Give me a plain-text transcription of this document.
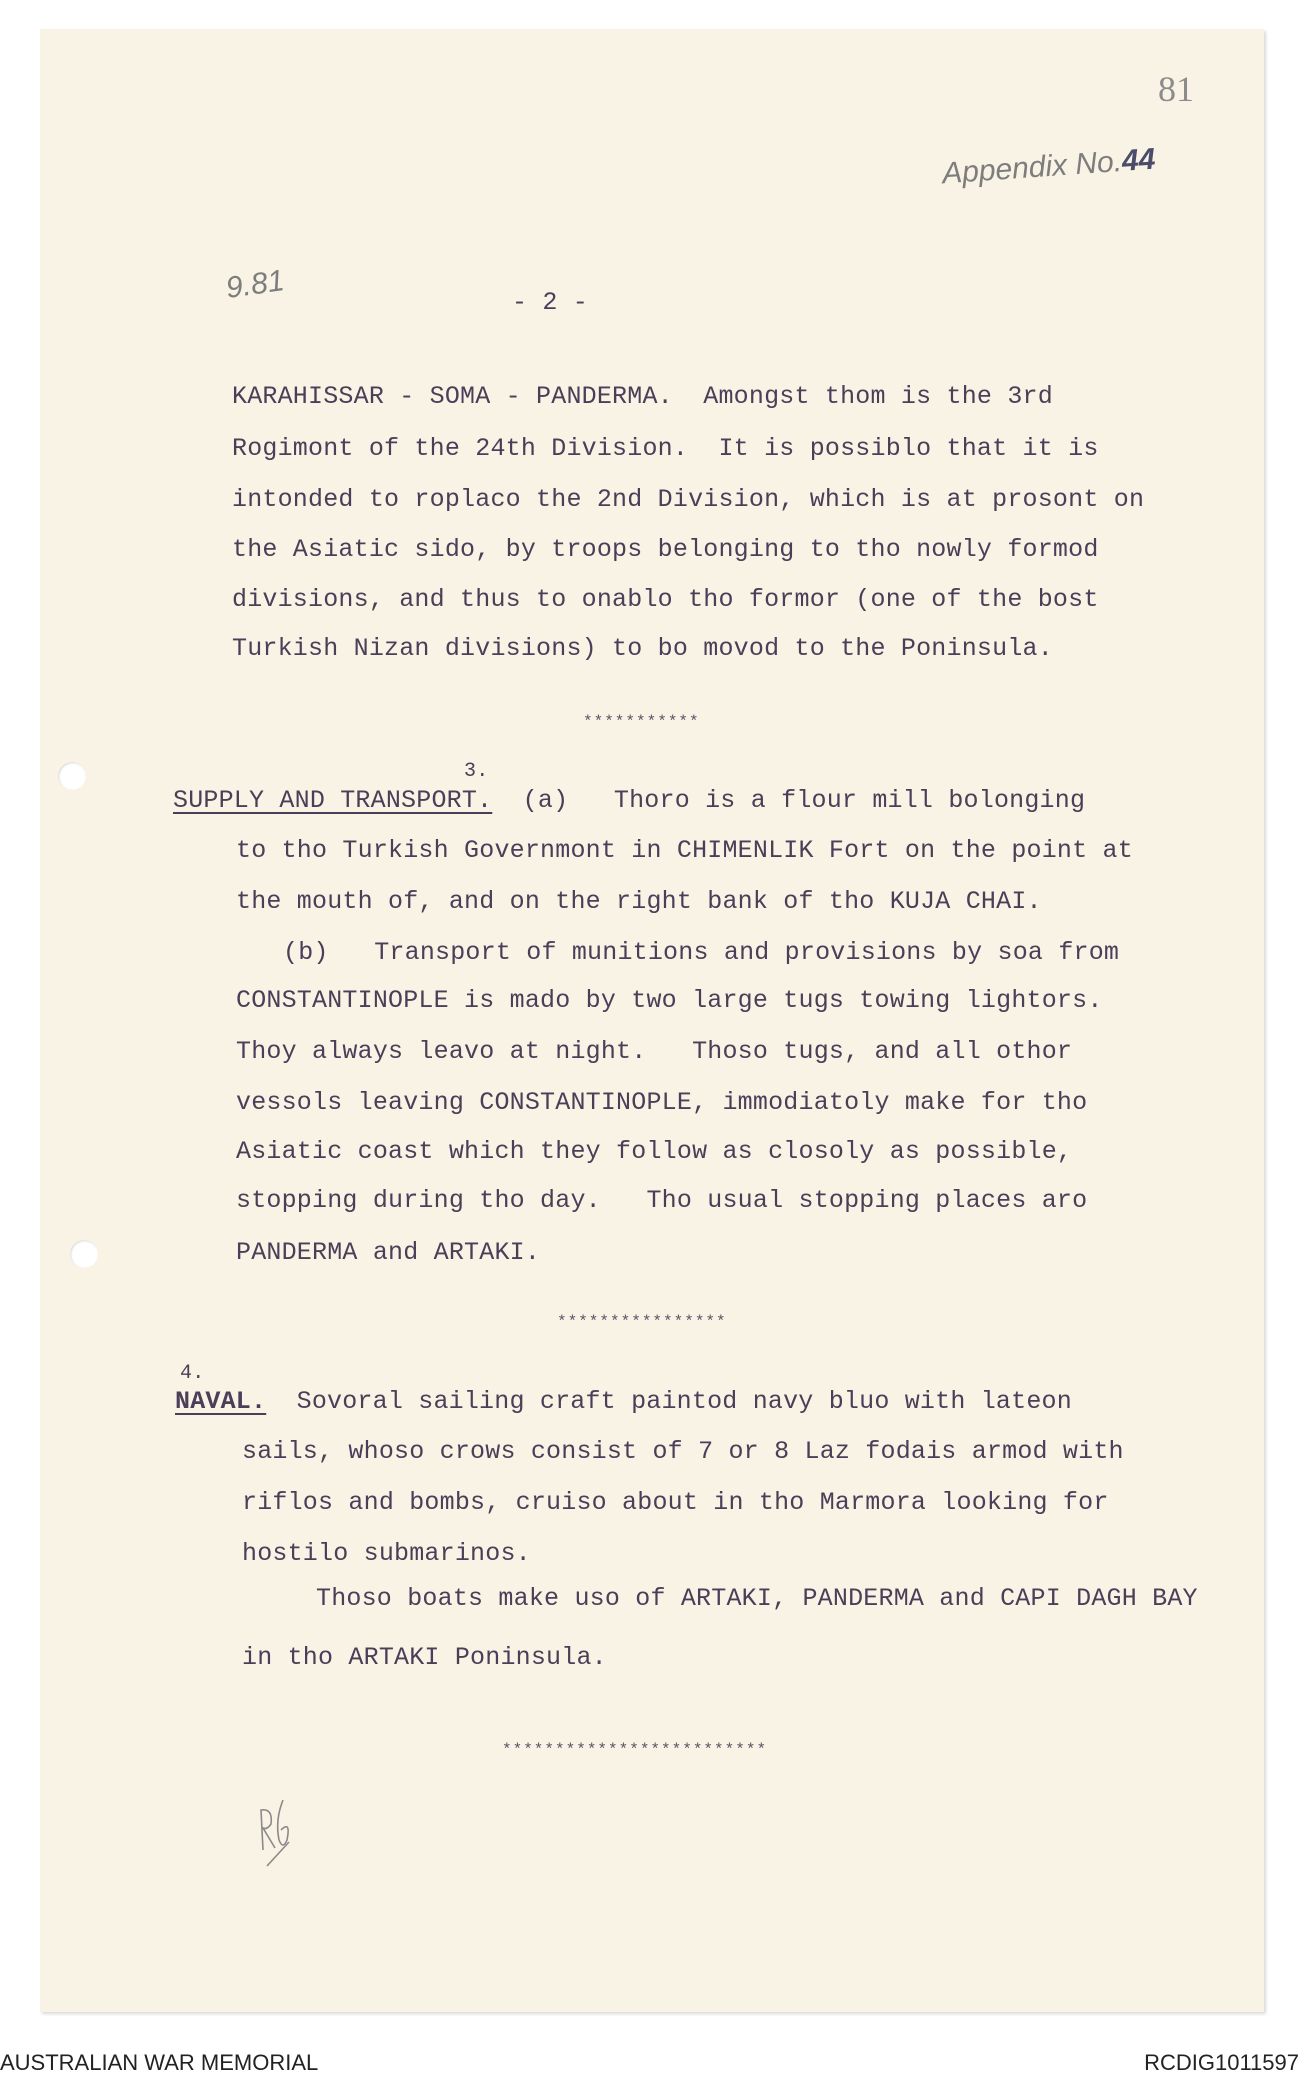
81
Appendix No.44
9.81	- 2 -
KARAHISSAR - SOMA - PANDERMA.  Amongst thom is the 3rd
Rogimont of the 24th Division.  It is possiblo that it is
intonded to roplaco the 2nd Division, which is at prosont on
the Asiatic sido, by troops belonging to tho nowly formod
divisions, and thus to onablo tho formor (one of the bost
Turkish Nizan divisions) to bo movod to the Poninsula.
***********
3.
SUPPLY AND TRANSPORT.  (a)   Thoro is a flour mill bolonging
to tho Turkish Governmont in CHIMENLIK Fort on the point at
the mouth of, and on the right bank of tho KUJA CHAI.
(b)   Transport of munitions and provisions by soa from
CONSTANTINOPLE is mado by two large tugs towing lightors.
Thoy always leavo at night.   Thoso tugs, and all othor
vessols leaving CONSTANTINOPLE, immodiatoly make for tho
Asiatic coast which they follow as closoly as possible,
stopping during tho day.   Tho usual stopping places aro
PANDERMA and ARTAKI.
****************
4.
NAVAL.  Sovoral sailing craft paintod navy bluo with lateon
sails, whoso crows consist of 7 or 8 Laz fodais armod with
riflos and bombs, cruiso about in tho Marmora looking for
hostilo submarinos.
Thoso boats make uso of ARTAKI, PANDERMA and CAPI DAGH BAY
in tho ARTAKI Poninsula.
*************************
AUSTRALIAN WAR MEMORIAL	RCDIG1011597
